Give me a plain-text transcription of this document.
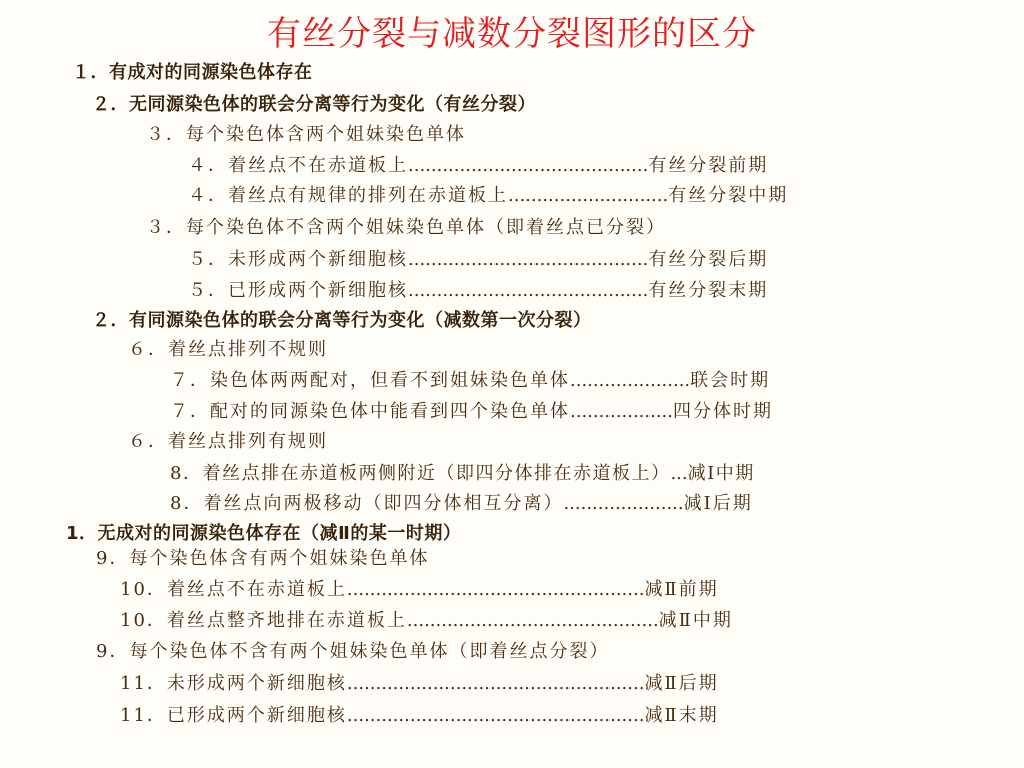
有丝分裂与减数分裂图形的区分
１．有成对的同源染色体存在
２．无同源染色体的联会分离等行为变化（有丝分裂）
３．每个染色体含两个姐妹染色单体
４．着丝点不在赤道板上..........................................有丝分裂前期
４．着丝点有规律的排列在赤道板上............................有丝分裂中期
３．每个染色体不含两个姐妹染色单体（即着丝点已分裂）
５．未形成两个新细胞核..........................................有丝分裂后期
５．已形成两个新细胞核..........................................有丝分裂末期
２．有同源染色体的联会分离等行为变化（减数第一次分裂）
６．着丝点排列不规则
７．染色体两两配对，但看不到姐妹染色单体.....................联会时期
７．配对的同源染色体中能看到四个染色单体..................四分体时期
６．着丝点排列有规则
8．着丝点排在赤道板两侧附近（即四分体排在赤道板上）...减Ⅰ中期
8．着丝点向两极移动（即四分体相互分离）.....................减Ⅰ后期
1．无成对的同源染色体存在（减Ⅱ的某一时期）
9．每个染色体含有两个姐妹染色单体
10．着丝点不在赤道板上....................................................减Ⅱ前期
10．着丝点整齐地排在赤道板上............................................减Ⅱ中期
9．每个染色体不含有两个姐妹染色单体（即着丝点分裂）
11．未形成两个新细胞核....................................................减Ⅱ后期
11．已形成两个新细胞核....................................................减Ⅱ末期
